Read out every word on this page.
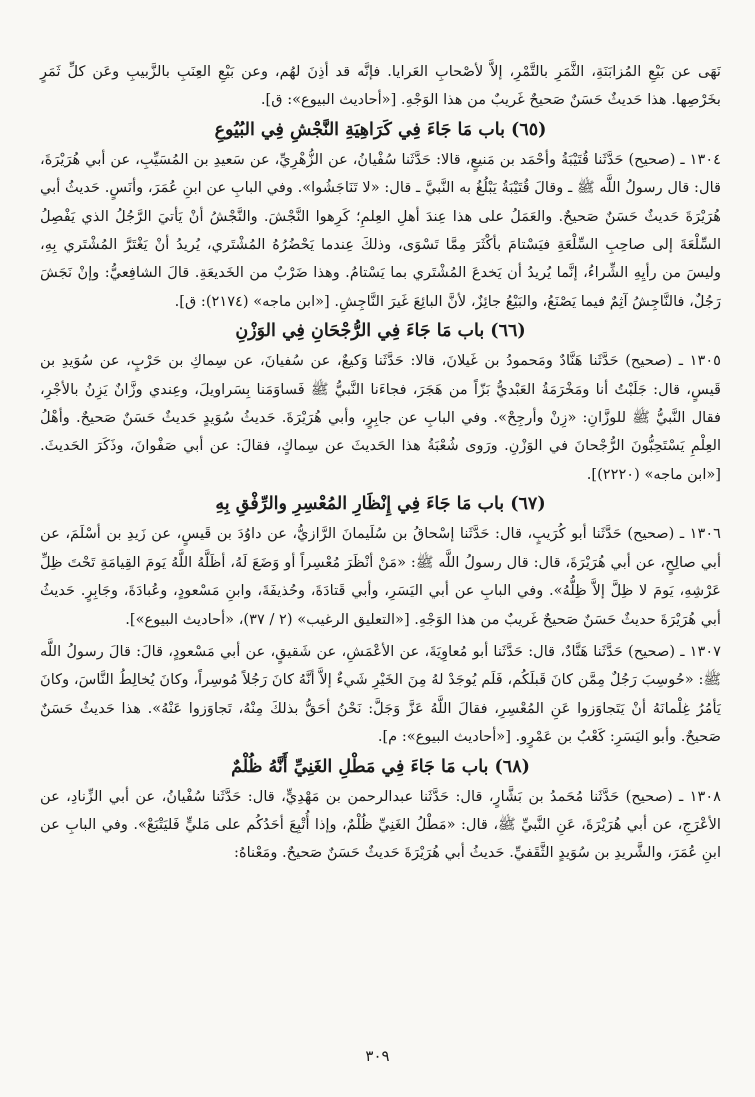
نَهَى عن بَيْعِ المُزابَنَةِ، الثَّمَرِ بالتَّمْرِ، إلاَّ لأصْحابِ العَرايا. فإنَّه قد أذِنَ لهُم، وعن بَيْعِ العِنَبِ بالزَّبيبِ وعَن كلِّ ثَمَرٍ بخَرْصِها. هذا حَديثٌ حَسَنٌ صَحيحٌ غَريبٌ من هذا الوَجْهِ. [«أحاديث البيوع»: ق].

(٦٥) باب مَا جَاءَ فِي كَرَاهِيَةِ النَّجْشِ فِي البُيُوعِ

١٣٠٤ ـ (صحيح) حَدَّثَنا قُتَيْبَةُ وأحْمَد بن مَنيعٍ، قالا: حَدَّثَنا سُفْيانُ، عن الزُّهْرِيِّ، عن سَعيدِ بن المُسَيِّبِ، عن أبي هُرَيْرَةَ، قال: قال رسولُ اللَّه ﷺ ـ وقالَ قُتَيْبَةُ يَبْلُغُ به النَّبيَّ ـ قال: «لا تَنَاجَشُوا». وفي البابِ عن ابنِ عُمَرَ، وأنَسٍ. حَديثُ أبي هُرَيْرَةَ حَديثٌ حَسَنٌ صَحيحٌ. والعَمَلُ على هذا عِندَ أهلِ العِلمِ؛ كَرِهوا النَّجْشَ. والنَّجْشُ أنْ يَأتيَ الرَّجُلُ الذي يَفْصِلُ السِّلْعَةَ إلى صاحِبِ السِّلْعَةِ فيَسْتامَ بأكْثَرَ مِمَّا تَسْوَى، وذلكَ عِندما يَحْضُرُهُ المُشْتَري، يُريدُ أنْ يَغْتَرَّ المُشْتَري بِهِ، وليسَ من رأيِهِ الشِّراءُ، إنَّما يُريدُ أن يَخدعَ المُشْتَري بما يَسْتامُ. وهذا ضَرْبٌ من الخَديعَةِ. قالَ الشافِعيُّ: وإنْ نَجَشَ رَجُلٌ، فالنَّاجِشُ آثِمٌ فيما يَصْنَعُ، والبَيْعُ جائِزٌ، لأنَّ البائِعَ غَيرَ النَّاجِشِ. [«ابن ماجه» (٢١٧٤): ق].

(٦٦) باب مَا جَاءَ فِي الرُّجْحَانِ فِي الوَزْنِ

١٣٠٥ ـ (صحيح) حَدَّثَنا هَنَّادٌ ومَحمودُ بن غَيلانَ، قالا: حَدَّثَنا وَكيعٌ، عن سُفيانَ، عن سِماكِ بن حَرْبٍ، عن سُوَيدِ بن قَيسٍ، قال: جَلَبْتُ أنا ومَخْرَمَةُ العَبْديُّ بَزّاً من هَجَرَ، فجاءَنا النَّبيُّ ﷺ فَساوَمَنا بِسَراويلَ، وعِندي وزَّانٌ يَزِنُ بالأجْرِ، فقال النَّبيُّ ﷺ للوزَّانِ: «زِنْ وأرجِحْ». وفي البابِ عن جابِرٍ، وأبي هُرَيْرَةَ. حَديثُ سُوَيدٍ حَديثٌ حَسَنٌ صَحيحٌ. وأهْلُ العِلْمِ يَسْتَحِبُّونَ الرُّجْحانَ في الوَزْنِ. ورَوى شُعْبَةُ هذا الحَديثَ عن سِماكٍ، فقالَ: عن أبي صَفْوانَ، وذَكَرَ الحَديثَ. [«ابن ماجه» (٢٢٢٠)].

(٦٧) باب مَا جَاءَ فِي إِنْظَارِ المُعْسِرِ والرِّفْقِ بِهِ

١٣٠٦ ـ (صحيح) حَدَّثَنا أبو كُرَيبٍ، قال: حَدَّثَنا إسْحاقُ بن سُلَيمانَ الرَّازيُّ، عن داوُدَ بن قَيسٍ، عن زَيدِ بن أسْلَمَ، عن أبي صالِحٍ، عن أبي هُرَيْرَةَ، قال: قال رسولُ اللَّه ﷺ: «مَنْ أنْظَرَ مُعْسِراً أو وَضَعَ لَهُ، أظَلَّهُ اللَّهُ يَومَ القِيامَةِ تَحْتَ ظِلِّ عَرْشِهِ، يَومَ لا ظِلَّ إلاَّ ظِلُّهُ». وفي البابِ عن أبي اليَسَرِ، وأبي قَتادَةَ، وحُذيفَةَ، وابنِ مَسْعودٍ، وعُبادَةَ، وجَابِرٍ. حَديثُ أبي هُرَيْرَةَ حديثٌ حَسَنٌ صَحيحٌ غَريبٌ من هذا الوَجْهِ. [«التعليق الرغيب» (٢ / ٣٧)، «أحاديث البيوع»].

١٣٠٧ ـ (صحيح) حَدَّثَنا هَنَّادٌ، قال: حَدَّثَنا أبو مُعاوِيَةَ، عن الأعْمَشِ، عن شَقيقٍ، عن أبي مَسْعودٍ، قالَ: قالَ رسولُ اللَّه ﷺ: «حُوسِبَ رَجُلٌ مِمَّن كانَ قَبلَكُم، فَلَم يُوجَدْ لهُ مِنَ الخَيْرِ شَيءٌ إلاَّ أنَّهُ كانَ رَجُلاً مُوسِراً، وكانَ يُخالِطُ النَّاسَ، وكانَ يَأمُرُ غِلْمانَهُ أنْ يَتَجاوَزوا عَنِ المُعْسِرِ، فقالَ اللَّهُ عَزَّ وَجَلَّ: نَحْنُ أحَقُّ بذلكَ مِنْهُ، تَجاوَزوا عَنْهُ». هذا حَديثٌ حَسَنٌ صَحيحٌ. وأبو اليَسَرِ: كَعْبُ بن عَمْرٍو. [«أحاديث البيوع»: م].

(٦٨) باب مَا جَاءَ فِي مَطْلِ الغَنِيِّ أَنَّهُ ظُلْمٌ

١٣٠٨ ـ (صحيح) حَدَّثَنا مُحَمدُ بن بَشَّارٍ، قال: حَدَّثَنا عبدالرحمن بن مَهْدِيٍّ، قال: حَدَّثَنا سُفْيانُ، عن أبي الزِّنادِ، عن الأعْرَجِ، عن أبي هُرَيْرَةَ، عَنِ النَّبيِّ ﷺ، قال: «مَطْلُ الغَنِيِّ ظُلْمٌ، وإذا أُتْبِعَ أحَدُكُم على مَليٍّ فَليَتْبَعْ». وفي البابِ عن ابنِ عُمَرَ، والشَّريدِ بن سُوَيدٍ الثَّقَفيِّ. حَديثُ أبي هُرَيْرَةَ حَديثٌ حَسَنٌ صَحيحٌ. ومَعْناهُ:

٣٠٩
